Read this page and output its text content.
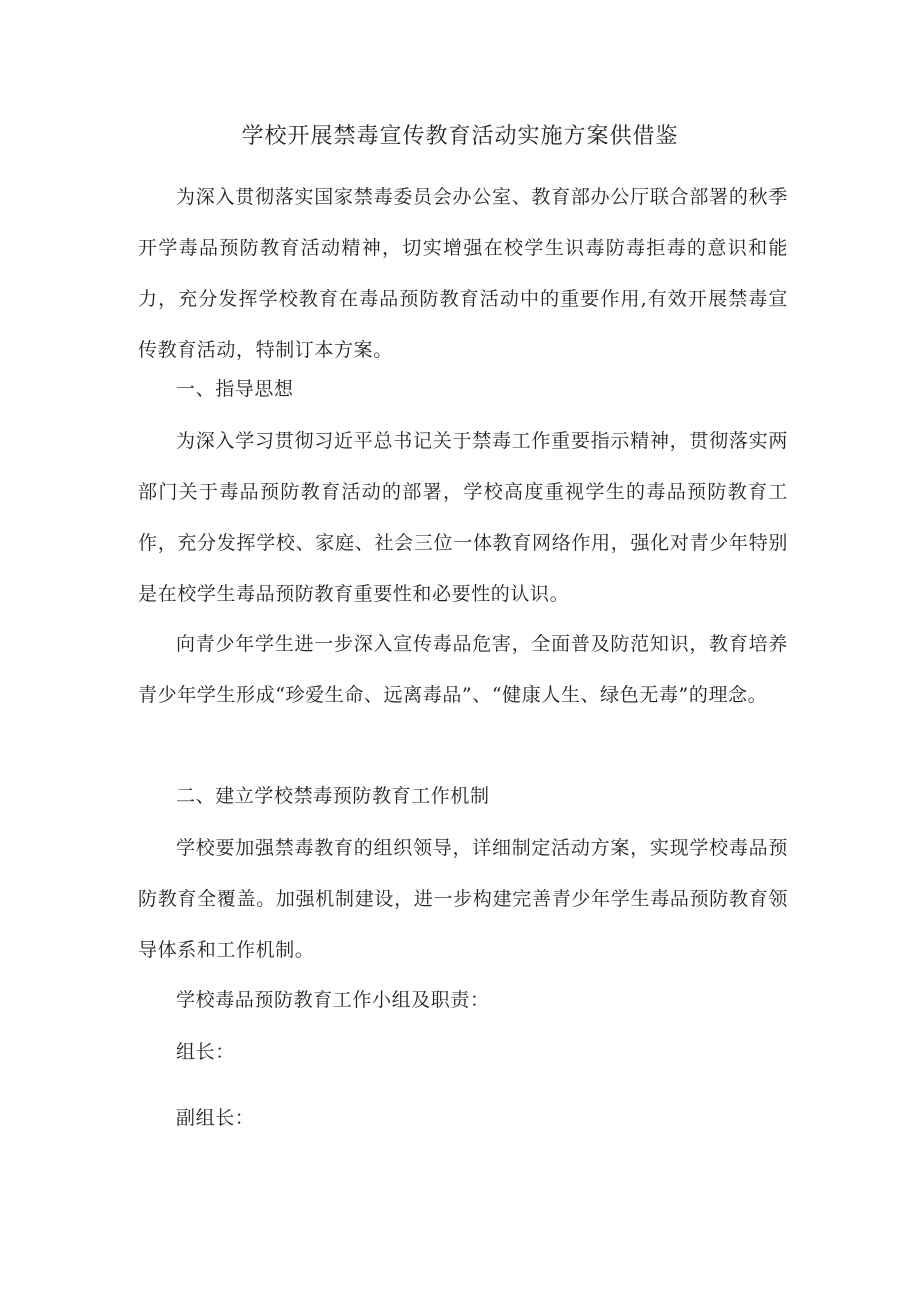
学校开展禁毒宣传教育活动实施方案供借鉴

为深入贯彻落实国家禁毒委员会办公室、教育部办公厅联合部署的秋季开学毒品预防教育活动精神，切实增强在校学生识毒防毒拒毒的意识和能力，充分发挥学校教育在毒品预防教育活动中的重要作用,有效开展禁毒宣传教育活动，特制订本方案。

一、指导思想

为深入学习贯彻习近平总书记关于禁毒工作重要指示精神，贯彻落实两部门关于毒品预防教育活动的部署，学校高度重视学生的毒品预防教育工作，充分发挥学校、家庭、社会三位一体教育网络作用，强化对青少年特别是在校学生毒品预防教育重要性和必要性的认识。

向青少年学生进一步深入宣传毒品危害，全面普及防范知识，教育培养青少年学生形成“珍爱生命、远离毒品”、“健康人生、绿色无毒”的理念。

二、建立学校禁毒预防教育工作机制

学校要加强禁毒教育的组织领导，详细制定活动方案，实现学校毒品预防教育全覆盖。加强机制建设，进一步构建完善青少年学生毒品预防教育领导体系和工作机制。

学校毒品预防教育工作小组及职责：

组长：

副组长：
